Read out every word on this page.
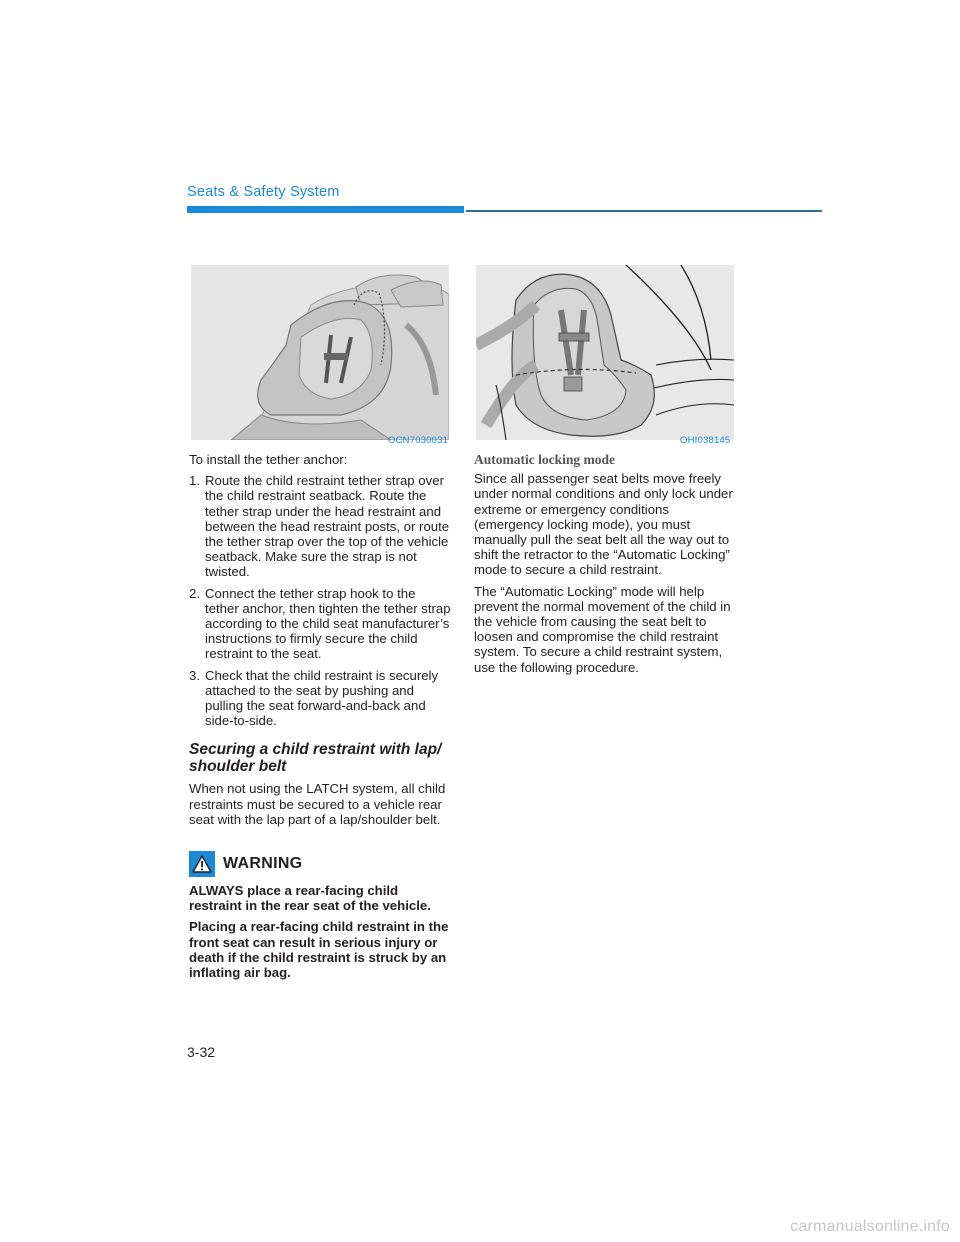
Seats & Safety System
OCN7030031	OHI038145

To install the tether anchor:

1. Route the child restraint tether strap over the child restraint seatback. Route the tether strap under the head restraint and between the head restraint posts, or route the tether strap over the top of the vehicle seatback. Make sure the strap is not twisted.
2. Connect the tether strap hook to the tether anchor, then tighten the tether strap according to the child seat manufacturer’s instructions to firmly secure the child restraint to the seat.
3. Check that the child restraint is securely attached to the seat by pushing and pulling the seat forward-and-back and side-to-side.
Securing a child restraint with lap/ shoulder belt

When not using the LATCH system, all child restraints must be secured to a vehicle rear seat with the lap part of a lap/shoulder belt.

WARNING

ALWAYS place a rear-facing child restraint in the rear seat of the vehicle.

Placing a rear-facing child restraint in the front seat can result in serious injury or death if the child restraint is struck by an inflating air bag.

Automatic locking mode

Since all passenger seat belts move freely under normal conditions and only lock under extreme or emergency conditions (emergency locking mode), you must manually pull the seat belt all the way out to shift the retractor to the “Automatic Locking” mode to secure a child restraint.

The “Automatic Locking” mode will help prevent the normal movement of the child in the vehicle from causing the seat belt to loosen and compromise the child restraint system. To secure a child restraint system, use the following procedure.

3-32
carmanualsonline.info
